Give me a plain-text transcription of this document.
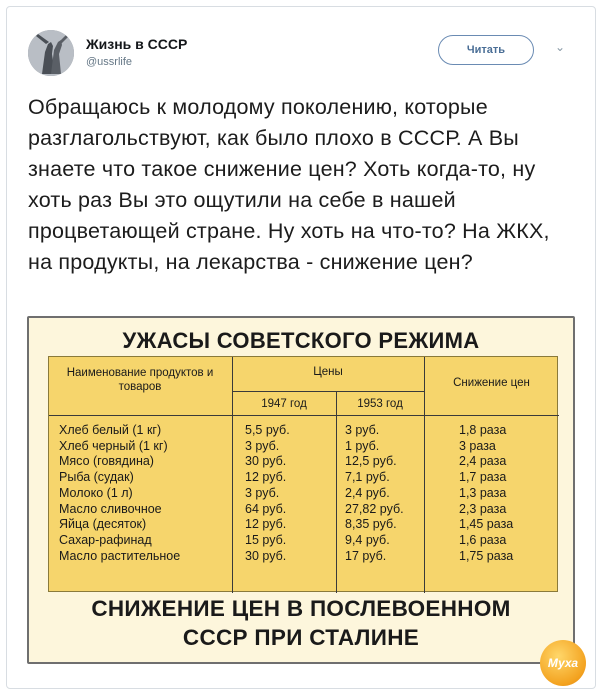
Жизнь в СССР
@ussrlife
Читать	⌄
Обращаюсь к молодому поколению, которые разглагольствуют, как было плохо в СССР. А Вы знаете что такое снижение цен? Хоть когда-то, ну хоть раз Вы это ощутили на себе в нашей процветающей стране. Ну хоть на что-то? На ЖКХ, на продукты, на лекарства - снижение цен?
УЖАСЫ СОВЕТСКОГО РЕЖИМА
СНИЖЕНИЕ ЦЕН В ПОСЛЕВОЕННОМ
СССР ПРИ СТАЛИНЕ
Наименование продуктов и товаров
Цены
1947 год	1953 год
Снижение цен
Хлеб белый (1 кг)
Хлеб черный (1 кг)
Мясо (говядина)
Рыба (судак)
Молоко (1 л)
Масло сливочное
Яйца (десяток)
Сахар-рафинад
Масло растительное
5,5 руб.
3 руб.
30 руб.
12 руб.
3 руб.
64 руб.
12 руб.
15 руб.
30 руб.
3 руб.
1 руб.
12,5 руб.
7,1 руб.
2,4 руб.
27,82 руб.
8,35 руб.
9,4 руб.
17 руб.
1,8 раза
3 раза
2,4 раза
1,7 раза
1,3 раза
2,3 раза
1,45 раза
1,6 раза
1,75 раза
Муха
